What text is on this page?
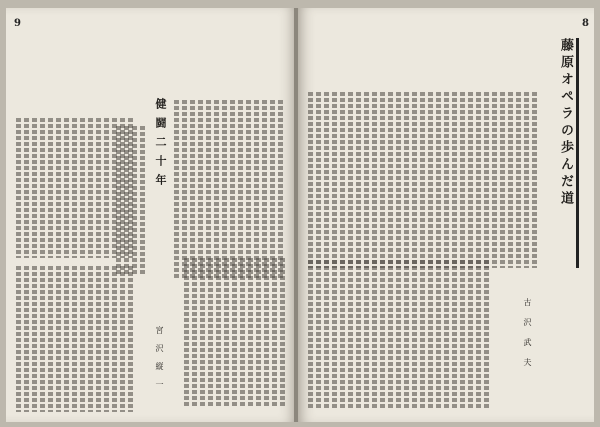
9
健闘二十年
宮沢縦一
8
藤原オペラの歩んだ道
古沢武夫
